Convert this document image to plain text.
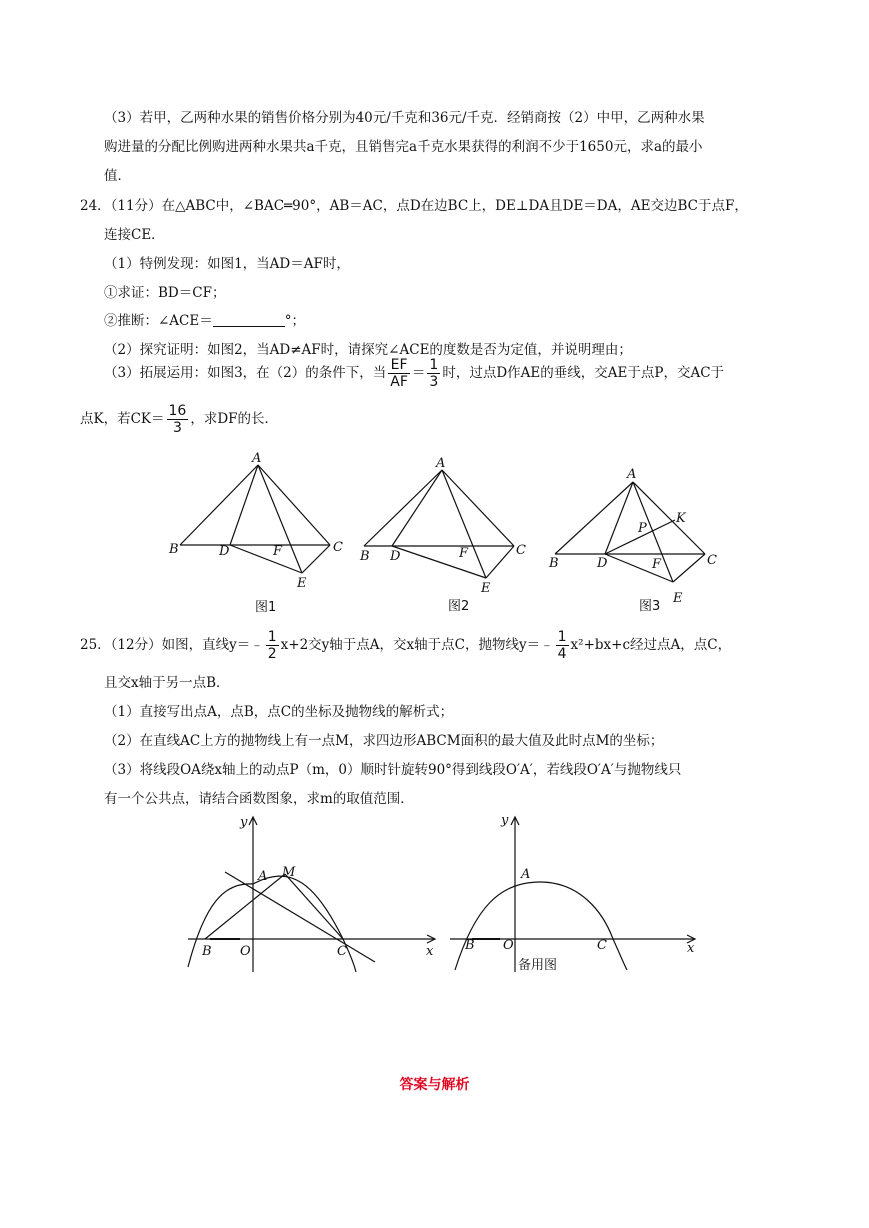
（3）若甲，乙两种水果的销售价格分别为40元/千克和36元/千克．经销商按（2）中甲，乙两种水果
购进量的分配比例购进两种水果共a千克，且销售完a千克水果获得的利润不少于1650元，求a的最小
值．
24．（11分）在△ABC中，∠BAC═90°，AB＝AC，点D在边BC上，DE⊥DA且DE＝DA，AE交边BC于点F，
连接CE．
（1）特例发现：如图1，当AD＝AF时，
①求证：BD＝CF；
②推断：∠ACE＝	°；
（2）探究证明：如图2，当AD≠AF时，请探究∠ACE的度数是否为定值，并说明理由；
（3）拓展运用：如图3，在（2）的条件下，当 $\frac{EF}{AF} = \frac{1}{3}$ 时，过点D作AE的垂线，交AE于点P，交AC于
点K，若$CK= \frac{16}{3}$ ，求DF的长．
A
B	D	F	C
E
图1
A
B D	F	C
E
图2
A
B	D	F	C
E
P
K
图3
25．（12分）如图，直线y＝﹣ $\frac{1}{2} x+2$交y轴于点A，交x轴于点C，抛物线y＝﹣ $\frac{1}{4} x^2+bx+c$经过点A，点C，
且交x轴于另一点B．
（1）直接写出点A，点B，点C的坐标及抛物线的解析式；
（2）在直线AC上方的抛物线上有一点M，求四边形ABCM面积的最大值及此时点M的坐标；
（3）将线段OA绕x轴上的动点P（m，0）顺时针旋转90°得到线段O′A′，若线段O′A′与抛物线只
有一个公共点，请结合函数图象，求m的取值范围．
y
A M
B O	C	x
y
A
B O	C	x
备用图
答案与解析
